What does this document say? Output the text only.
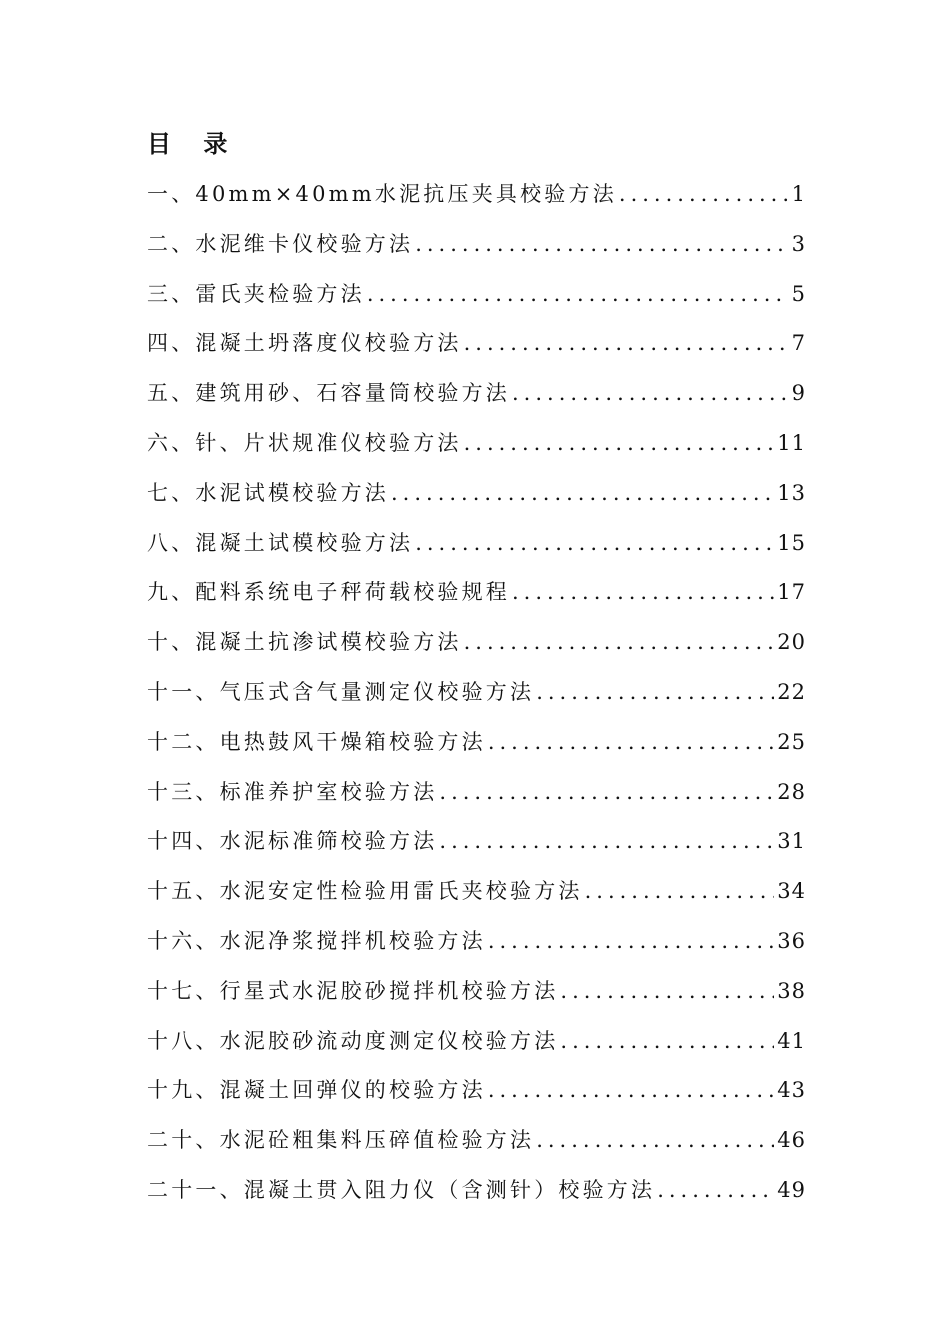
目 录
一、40mm×40mm水泥抗压夹具校验方法 .....	1
二、水泥维卡仪校验方法 .....	3
三、雷氏夹检验方法 .....	5
四、混凝土坍落度仪校验方法 .....	7
五、建筑用砂、石容量筒校验方法 .....	9
六、针、片状规准仪校验方法 .....	11
七、水泥试模校验方法 .....	13
八、混凝土试模校验方法 .....	15
九、配料系统电子秤荷载校验规程 .....	17
十、混凝土抗渗试模校验方法 .....	20
十一、气压式含气量测定仪校验方法 .....	22
十二、电热鼓风干燥箱校验方法 .....	25
十三、标准养护室校验方法 .....	28
十四、水泥标准筛校验方法 .....	31
十五、水泥安定性检验用雷氏夹校验方法 .....	34
十六、水泥净浆搅拌机校验方法 .....	36
十七、行星式水泥胶砂搅拌机校验方法 .....	38
十八、水泥胶砂流动度测定仪校验方法 .....	41
十九、混凝土回弹仪的校验方法 .....	43
二十、水泥砼粗集料压碎值检验方法 .....	46
二十一、混凝土贯入阻力仪（含测针）校验方法 .....	49
